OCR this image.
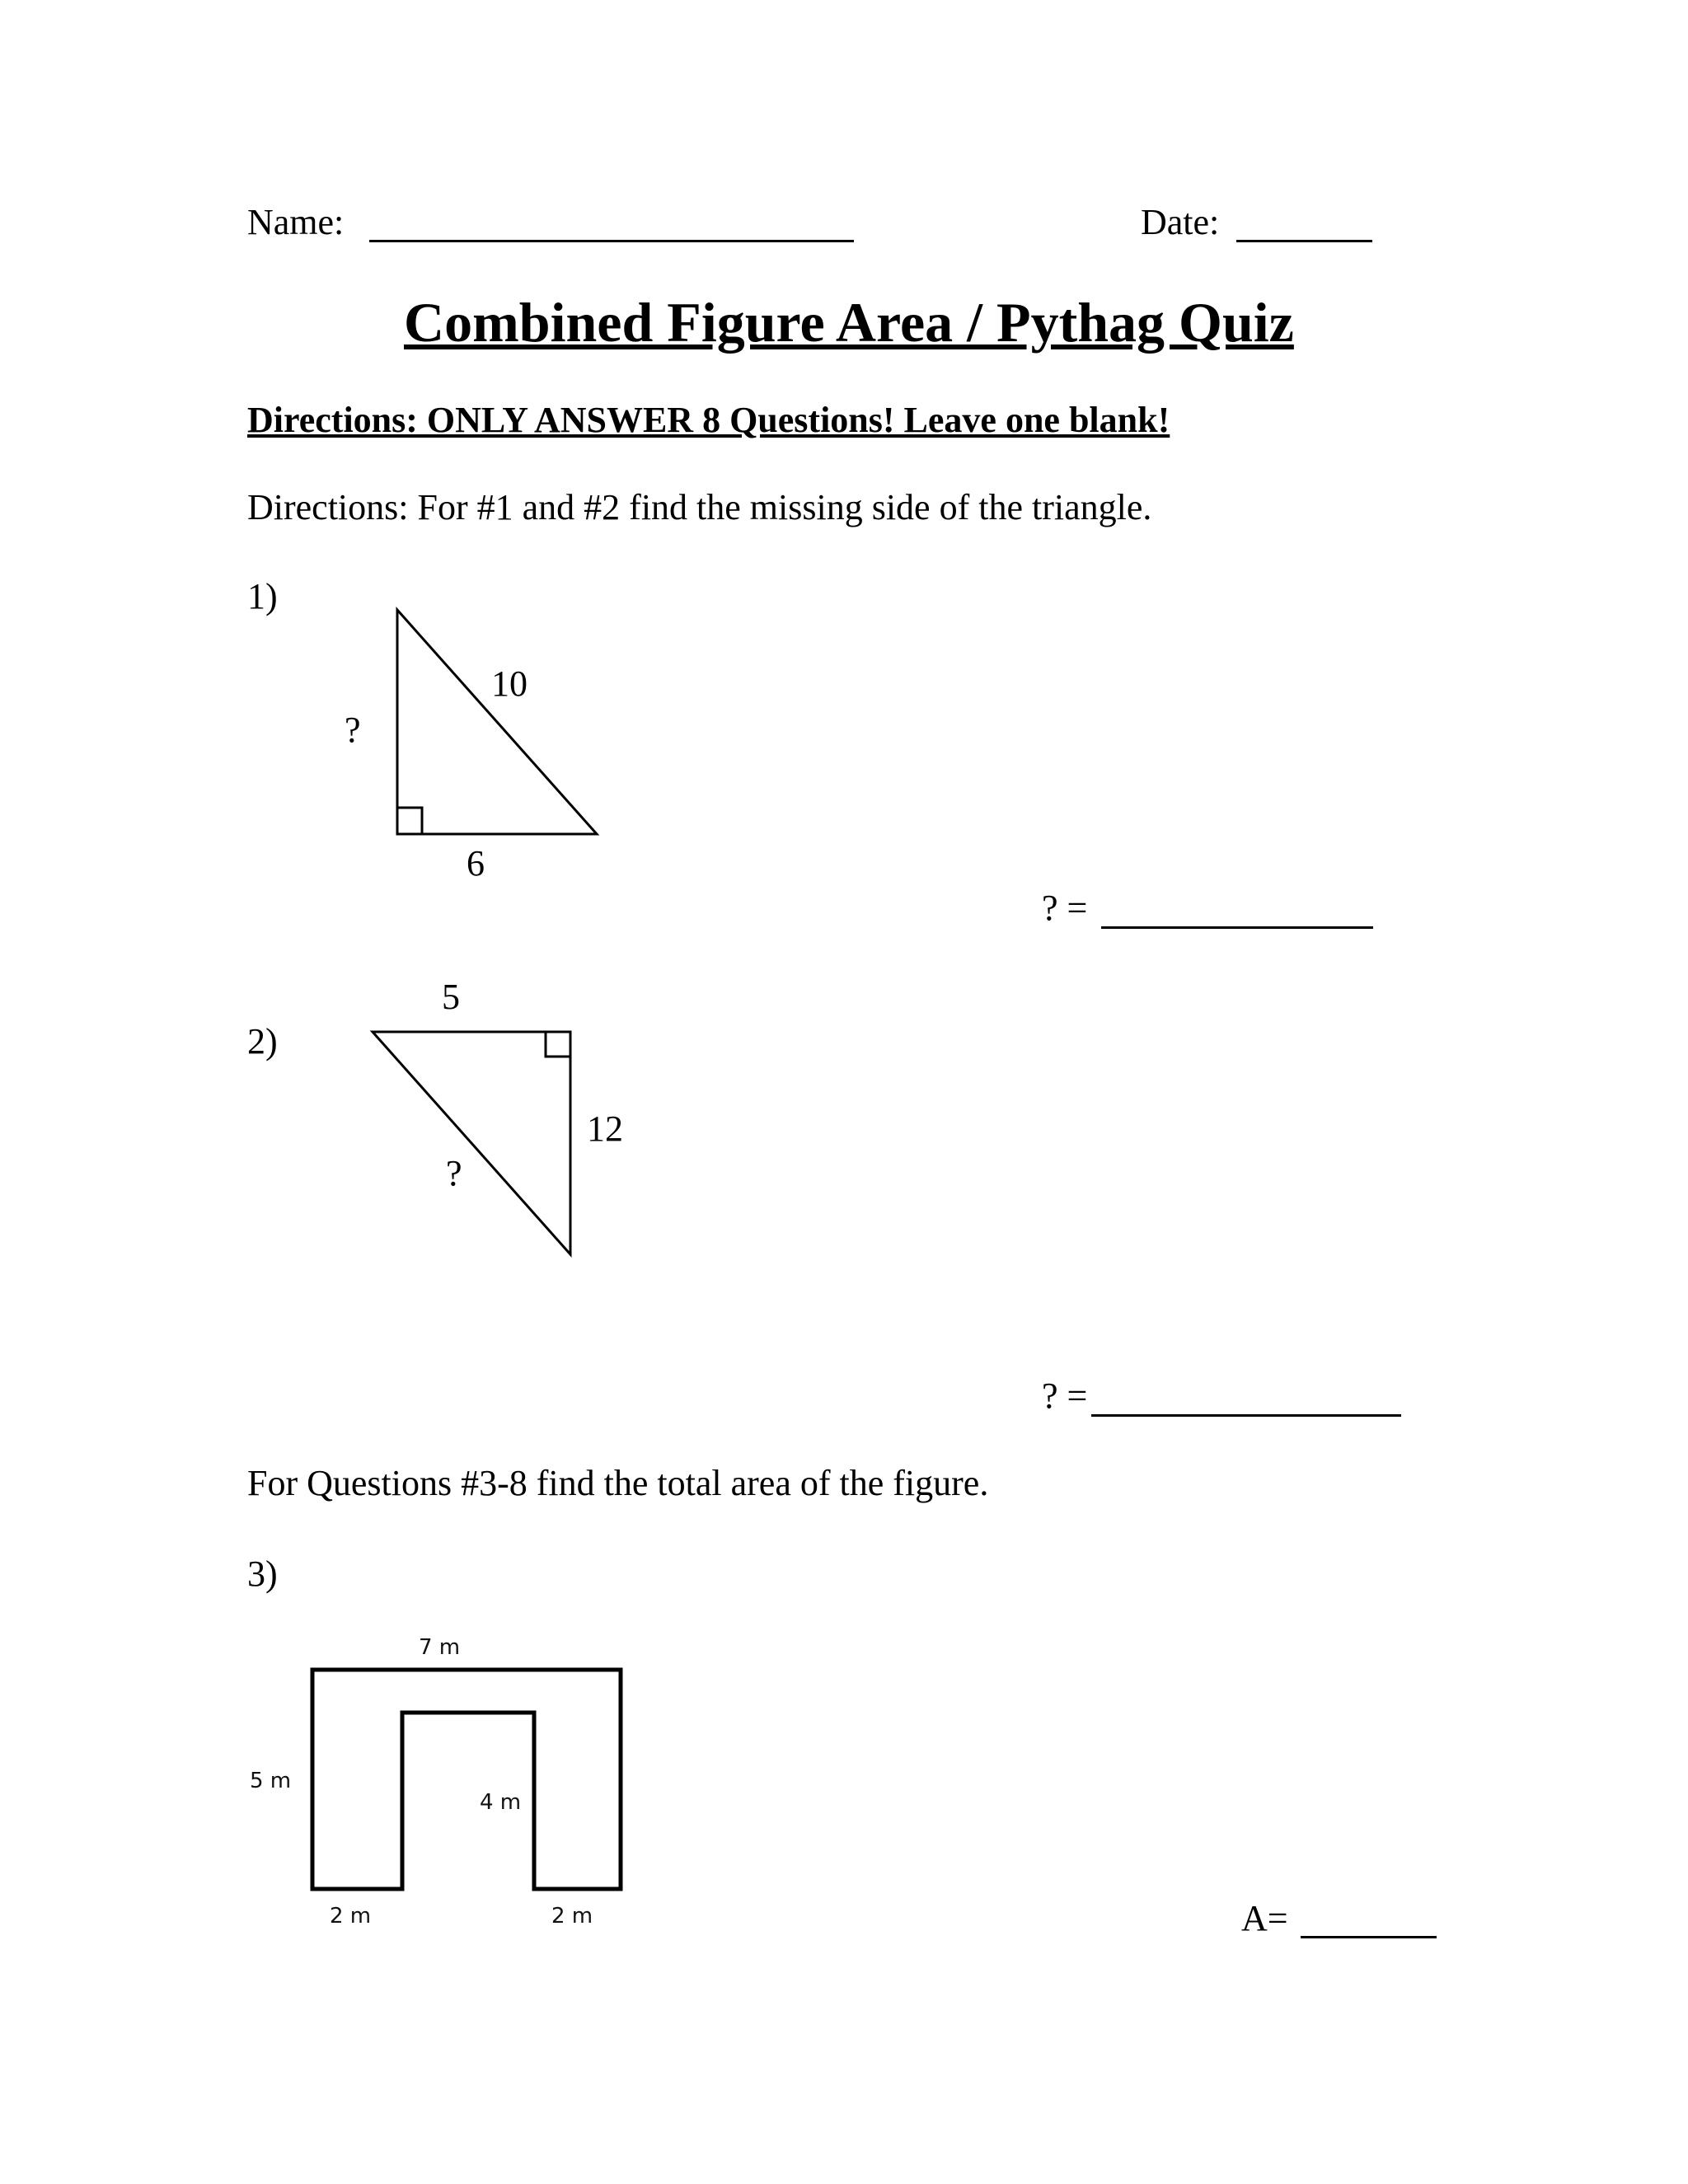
Name:	Date:
Combined Figure Area / Pythag Quiz
Directions: ONLY ANSWER 8 Questions! Leave one blank!
Directions: For #1 and #2 find the missing side of the triangle.
1)
10
?
6
? =
5
2)
12
?
? =
For Questions #3-8 find the total area of the figure.
3)
7 m
5 m
4 m
2 m	2 m	A=
